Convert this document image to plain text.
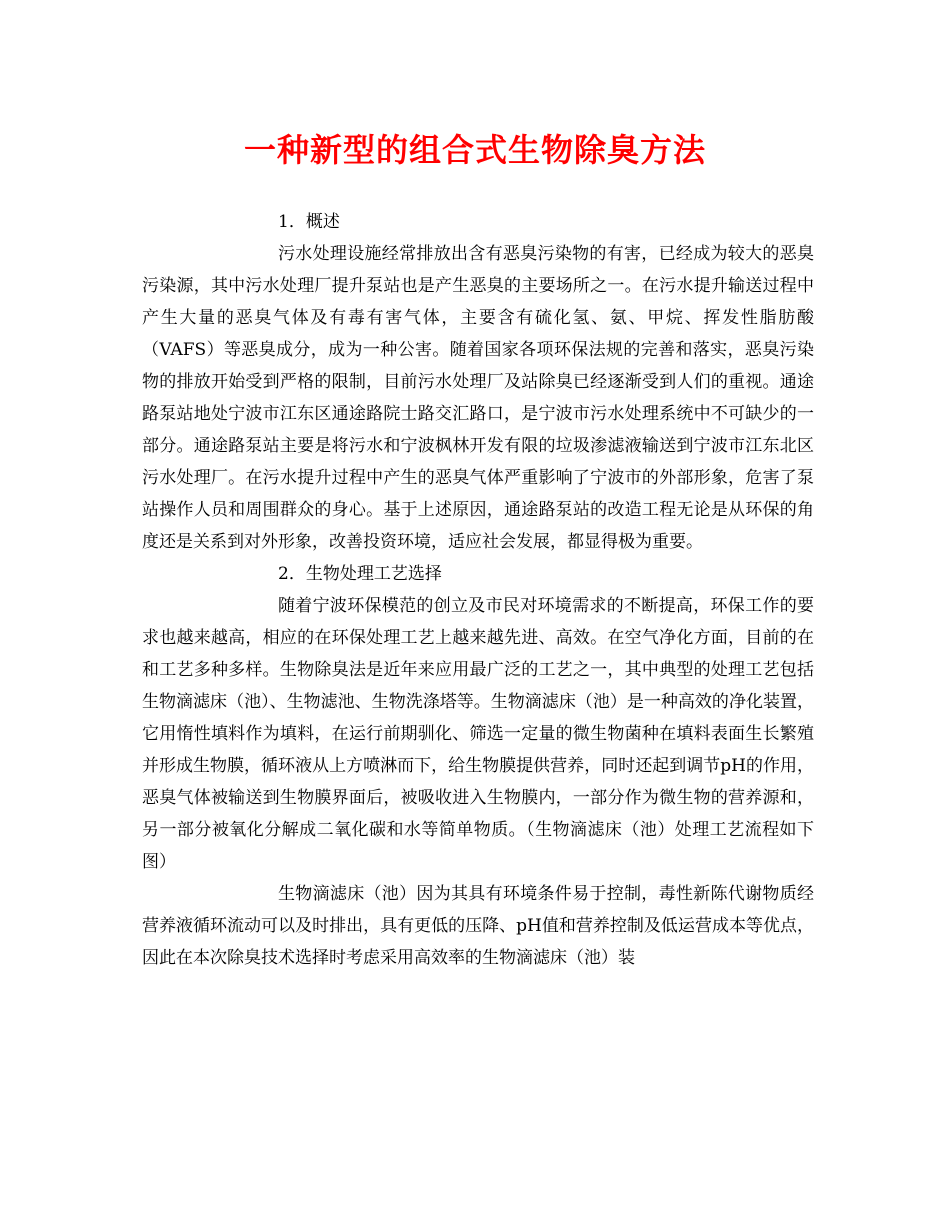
一种新型的组合式生物除臭方法

1．概述

污水处理设施经常排放出含有恶臭污染物的有害，已经成为较大的恶臭污染源，其中污水处理厂提升泵站也是产生恶臭的主要场所之一。在污水提升输送过程中产生大量的恶臭气体及有毒有害气体，主要含有硫化氢、氨、甲烷、挥发性脂肪酸（VAFS）等恶臭成分，成为一种公害。随着国家各项环保法规的完善和落实，恶臭污染物的排放开始受到严格的限制，目前污水处理厂及站除臭已经逐渐受到人们的重视。通途路泵站地处宁波市江东区通途路院士路交汇路口，是宁波市污水处理系统中不可缺少的一部分。通途路泵站主要是将污水和宁波枫林开发有限的垃圾渗滤液输送到宁波市江东北区污水处理厂。在污水提升过程中产生的恶臭气体严重影响了宁波市的外部形象，危害了泵站操作人员和周围群众的身心。基于上述原因，通途路泵站的改造工程无论是从环保的角度还是关系到对外形象，改善投资环境，适应社会发展，都显得极为重要。

2．生物处理工艺选择

随着宁波环保模范的创立及市民对环境需求的不断提高，环保工作的要求也越来越高，相应的在环保处理工艺上越来越先进、高效。在空气净化方面，目前的在和工艺多种多样。生物除臭法是近年来应用最广泛的工艺之一，其中典型的处理工艺包括生物滴滤床（池）、生物滤池、生物洗涤塔等。生物滴滤床（池）是一种高效的净化装置，它用惰性填料作为填料，在运行前期驯化、筛选一定量的微生物菌种在填料表面生长繁殖并形成生物膜，循环液从上方喷淋而下，给生物膜提供营养，同时还起到调节pH的作用，恶臭气体被输送到生物膜界面后，被吸收进入生物膜内，一部分作为微生物的营养源和，另一部分被氧化分解成二氧化碳和水等简单物质。（生物滴滤床（池）处理工艺流程如下图）

生物滴滤床（池）因为其具有环境条件易于控制，毒性新陈代谢物质经营养液循环流动可以及时排出，具有更低的压降、pH值和营养控制及低运营成本等优点，因此在本次除臭技术选择时考虑采用高效率的生物滴滤床（池）装
